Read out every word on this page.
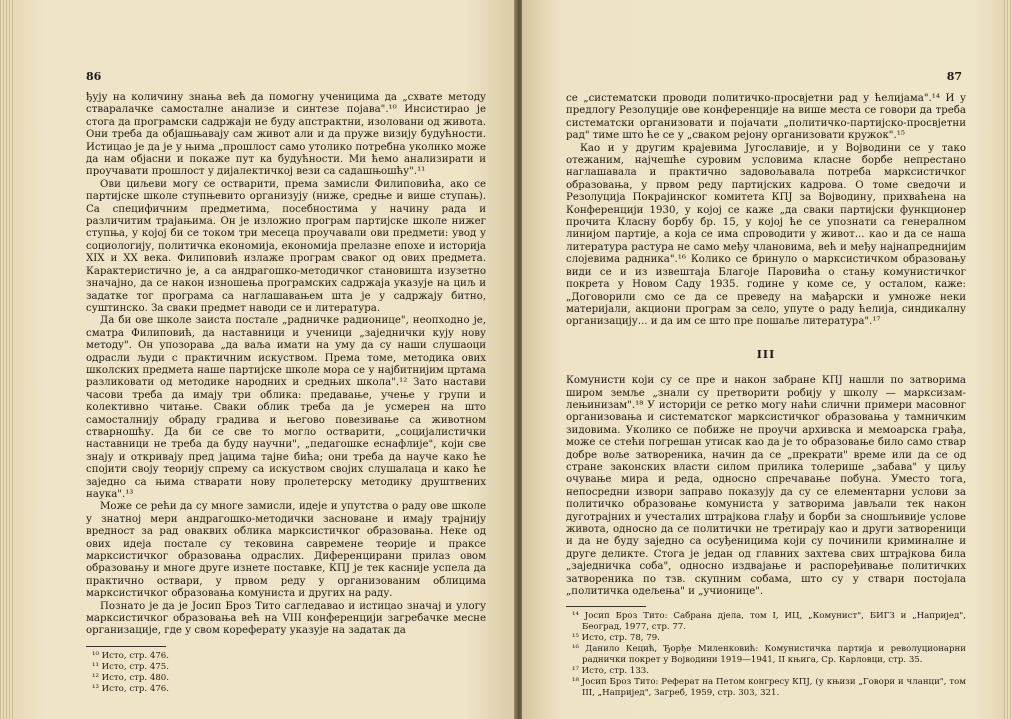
86

ђују на количину знања већ да помогну ученицима да „схвате методу стваралачке самосталне анализе и синтезе појава".¹⁰ Инсистирао је стога да програмски садржаји не буду апстрактни, изоловани од живота. Они треба да објашњавају сам живот али и да пруже визију будућности. Истицао је да је у њима „прошлост само утолико потребна уколико може да нам објасни и покаже пут ка будућности. Ми ћемо анализирати и проучавати прошлост у дијалектичкој вези са садашњошћу".¹¹

Ови циљеви могу се остварити, према замисли Филиповића, ако се партијске школе ступњевито организују (ниже, средње и више ступањ). Са специфичним предметима, посебностима у начину рада и различитим трајањима. Он је изложио програм партијске школе нижег ступња, у којој би се током три месеца проучавали ови предмети: увод у социологију, политичка економија, економија прелазне епохе и историја XIX и XX века. Филиповић излаже програм сваког од ових предмета. Карактеристично је, а са андрагошко-методичког становишта изузетно значајно, да се након изношења програмских садржаја указује на циљ и задатке тог програма са наглашавањем шта је у садржају битно, суштинско. За сваки предмет наводи се и литература.

Да би ове школе заиста постале „радничке радионице", неопходно је, сматра Филиповић, да наставници и ученици „заједнички кују нову методу". Он упозорава „да ваља имати на уму да су наши слушаоци одрасли људи с практичним искуством. Према томе, методика ових школских предмета наше партијске школе мора се у најбитнијим цртама разликовати од методике народних и средњих школа".¹² Зато настави часови треба да имају три облика: предавање, учење у групи и колективно читање. Сваки облик треба да је усмерен на што самосталнију обраду градива и његово повезивање са животном стварношћу. Да би се све то могло остварити, „социјалистички наставници не треба да буду научни", „педагошке еснафлије", који све знају и откривају пред јацима тајне бића; они треба да науче како ће спојити своју теорију спрему са искуством својих слушалаца и како ће заједно са њима стварати нову пролетерску методику друштвених наука".¹³

Може се рећи да су многе замисли, идеје и упутства о раду ове школе у знатној мери андрагошко-методички засноване и имају трајнију вредност за рад оваквих облика марксистичког образовања. Неке од ових идеја постале су тековина савремене теорије и праксе марксистичког образовања одраслих. Диференцирани прилаз овом образовању и многе друге изнете поставке, КПЈ је тек касније успела да практично оствари, у првом реду у организованим облицима марксистичког образовања комуниста и других на раду.

Познато је да је Јосип Броз Тито сагледавао и истицао значај и улогу марксистичког образовања већ на VIII конференцији загребачке месне организације, где у свом кореферату указује на задатак да

¹⁰ Исто, стр. 476.
¹¹ Исто, стр. 475.
¹² Исто, стр. 480.
¹³ Исто, стр. 476.
87

се „систематски проводи политичко-просвјетни рад у ћелијама".¹⁴ И у предлогу Резолуције ове конференције на више места се говори да треба систематски организовати и појачати „политичко-партијско-просвјетни рад" тиме што ће се у „сваком рејону организовати кружок".¹⁵

Као и у другим крајевима Југославије, и у Војводини се у тако отежаним, најчешће суровим условима класне борбе непрестано наглашавала и практично задовољавала потреба марксистичког образовања, у првом реду партијских кадрова. О томе сведочи и Резолуција Покрајинског комитета КПЈ за Војводину, прихваћена на Конференцији 1930, у којој се каже „да сваки партијски функционер прочита Класну борбу бр. 15, у којој ће се упознати са генералном линијом партије, а која се има спроводити у живот... као и да се наша литература растура не само међу члановима, већ и међу најнапреднијим слојевима радника".¹⁶ Колико се бринуло о марксистичком образовању види се и из извештаја Благоје Паровића о стању комунистичког покрета у Новом Саду 1935. године у коме се, у осталом, каже: „Договорили смо се да се преведу на мађарски и умноже неки материјали, акциони програм за село, упуте о раду ћелија, синдикалну организацију... и да им се што пре пошаље литература".¹⁷

III

Комунисти који су се пре и након забране КПЈ нашли по затворима широм земље „знали су претворити робију у школу — марксизам-лењинизам".¹⁸ У историји се ретко могу наћи слични примери масовног организовања и систематског марксистичког образовања у тамничким зидовима. Уколико се побиже не проучи архивска и мемоарска грађа, може се стећи погрешан утисак као да је то образовање било само ствар добре воље затвореника, начин да се „прекрати" време или да се од стране законских власти силом прилика толерише „забава" у циљу очување мира и реда, односно спречавање побуна. Уместо тога, непосредни извори заправо показују да су се елементарни услови за политичко образовање комуниста у затворима јављали тек након дуготрајних и учесталих штрајкова глађу и борби за сношљивије услове живота, односно да се политички не третирају као и други затвореници и да не буду заједно са осуђеницима који су починили криминалне и друге деликте. Стога је један од главних захтева свих штрајкова била „заједничка соба", односно издвајање и распоређивање политичких затвореника по тзв. скупним собама, што су у ствари постојала „политичка одељења" и „учионице".

¹⁴ Јосип Броз Тито: Сабрана дјела, том I, ИЦ, „Комунист", БИГЗ и „Напријед", Београд, 1977, стр. 77.
¹⁵ Исто, стр. 78, 79.
¹⁶ Данило Кецић, Ђорђе Миленковић: Комунистичка партија и револуционарни раднички покрет у Војводини 1919—1941, II књига, Ср. Карловци, стр. 35.
¹⁷ Исто, стр. 133.
¹⁸ Јосип Броз Тито: Реферат на Петом конгресу КПЈ, (у књизи „Говори и чланци", том III, „Напријед", Загреб, 1959, стр. 303, 321.
